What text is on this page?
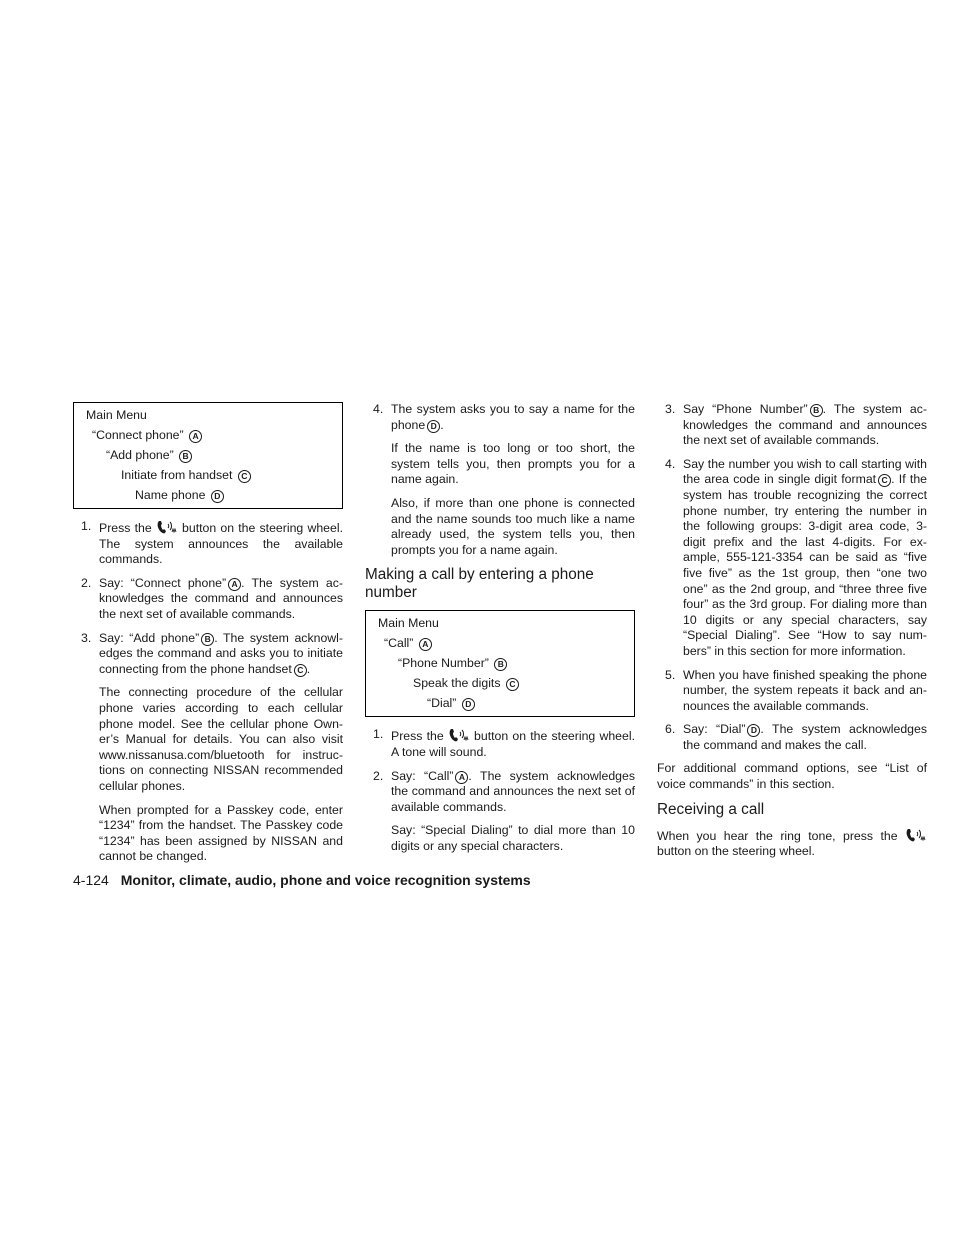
Main Menu
“Connect phone” A
“Add phone” B
Initiate from handset C
Name phone D
1. Press the button on the steering wheel. The system announces the available commands.
2. Say: “Connect phone” A . The system ac-knowledges the command and announces the next set of available commands.
3. Say: “Add phone” B . The system acknowl-edges the command and asks you to initiate connecting from the phone handset C .
The connecting procedure of the cellular phone varies according to each cellular phone model. See the cellular phone Own-er’s Manual for details. You can also visit www.nissanusa.com/bluetooth for instruc-tions on connecting NISSAN recommended cellular phones.
When prompted for a Passkey code, enter “1234” from the handset. The Passkey code “1234” has been assigned by NISSAN and cannot be changed.
4. The system asks you to say a name for the phone D .
If the name is too long or too short, the system tells you, then prompts you for a name again.
Also, if more than one phone is connected and the name sounds too much like a name already used, the system tells you, then prompts you for a name again.
Making a call by entering a phone number
Main Menu
“Call” A
“Phone Number” B
Speak the digits C
“Dial” D
1. Press the button on the steering wheel. A tone will sound.
2. Say: “Call” A . The system acknowledges the command and announces the next set of available commands.
Say: “Special Dialing” to dial more than 10 digits or any special characters.
3. Say “Phone Number” B . The system ac-knowledges the command and announces the next set of available commands.
4. Say the number you wish to call starting with the area code in single digit format C . If the system has trouble recognizing the correct phone number, try entering the number in the following groups: 3-digit area code, 3-digit prefix and the last 4-digits. For ex-ample, 555-121-3354 can be said as “five five five” as the 1st group, then “one two one” as the 2nd group, and “three three five four” as the 3rd group. For dialing more than 10 digits or any special characters, say “Special Dialing”. See “How to say num-bers” in this section for more information.
5. When you have finished speaking the phone number, the system repeats it back and an-nounces the available commands.
6. Say: “Dial” D . The system acknowledges the command and makes the call.
For additional command options, see “List of voice commands” in this section.
Receiving a call
When you hear the ring tone, press the  button on the steering wheel.
4-124 Monitor, climate, audio, phone and voice recognition systems
